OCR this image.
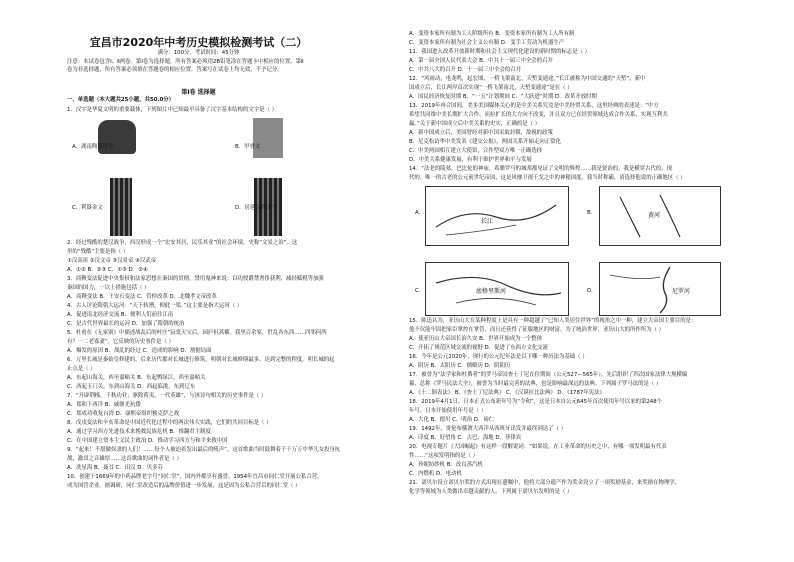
宜昌市2020年中考历史模拟检测考试（二）
满分：100分，考试时间：45分钟
注意：本试卷包含Ⅰ、Ⅱ两卷。第Ⅰ卷为选择题，所有答案必须用2B铅笔涂在答题卡中相应的位置。第Ⅱ
卷为非选择题，所有答案必须填在答题卷的相应位置。答案写在试卷上均无效，不予记分。
第Ⅰ卷 选择题
一、单选题（本大题共25小题，共50.0分）
1．汉字是华夏文明的重要载体，下列图片中已知最早具备了汉字基本结构的文字是（ ）
A．湖南陶器符号	B．甲骨文
C．利簋金文	D．居延汉简文字
2．经过残酷的楚汉战争，西汉形成一个“宏安其居，民乐其业”的社会环境，史称“文景之治”。这
里的“残酷”主要是指（ ）
①汉高祖 ②汉文帝 ③汉景帝 ④汉武帝
A．①② B．②③ C．①③ D．②④
3．商鞅变法促进中央集权和法家思想在秦国的贯彻，禁用鬼神来说：以功授爵禁奢侈获利，减轻赋税等加强
秦国的国力，一以上措施包括（ ）
A．商鞅变法 B．王安石变法 C．管仲改革 D．北魏孝文帝改革
4．古人评论隋朝大运河：“天下转漕，仰此一渠。”这主要是指大运河（ ）
A．促进南北经济交流 B．便利人们前往江南
C．是古代世界最长的运河 D．加强了隋朝的统治
5．杜甫在《无家别》中描述战乱后的村庄“寂寞天宝后，园庐但蒿藜。我里百余家，世乱各东西……四邻何所
有？一二老寡妻”。它反映的历史事件是（ ）
A．爆发的原因 B．战乱的经过 C．造成的影响 D．割据局面
6．万里长城是秦始皇修建的，后来历代都对长城进行修筑，明朝对长城修缮最多，达到完整的程度。明长城的起
止点是（ ）
A．东起山海关，西至嘉峪关 B．东起鸭绿江，西至嘉峪关
C．西起玉门关，东到山海关 D．西起临洮，东到辽东
7．“开辟荆榛，千秋功业；驱除荷夷，一代英雄”，与该诗句相关的历史事件是（ ）
A．郑和下西洋 B．戚继光抗倭
C．郑成功收复台湾 D．康熙帝组织雅克萨之战
8．戊戌变法和辛亥革命是中国近代化过程中的两次伟大实践，它们的共同目标是（ ）
A．通过学习西方先进技术来挽救民族危机 B．推翻君主制度
C．在中国建立资本主义民主政治 D．推动学习西方与和平来救中国
9．“起来！不愿做奴隶的人们！……每个人被迫着发出最后的吼声”，这首歌曲当时鼓舞着千千万万中华儿女投身抗
战，激昂之音雄厚……这首歌曲的词作者是（ ）
A．冼星海 B．聂耳 C．田汉 D．贝多芬
10．创建于1669年的中药品牌老字号“同仁堂”，国内外都享有盛誉。1954年宜昌市同仁堂开展公私合营，
成为国营企业。据调研，同仁堂改造后的品牌价值进一步发展，这是因为公私合营后的同仁堂（ ）
A．变资本家所有制为工人阶级所有 B．变资本家所有制为工人所有制
C．变资本家所有制为社会主义公有制 D．变手工劳动为机器生产
11．我国进入改革开放新时期和社会主义现代化建设的新时期的标志是（ ）
A．第一届全国人民代表大会 B．中共十一届三中全会的召开
C．中共八大的召开 D．十一届三中全会的召开
12．“风雨动，电龙鸣，起宏图，一桥飞架南北，天堑变通途。”长江被称为中国交通的“天堑”。新中
国成立后，长江两岸首次实现“一桥飞架南北，天堑变通途”是在（ ）
A．国民经济恢复时期 B．“一五”计划期间 C．“大跃进”时期 D．改革开放时期
13．2019年再合国间，美多美国媒体关心的是中美关系究竟是中美经贸关系，这里经典的表述是：“中方
希望共同维中美长期扩大合作，而拉扩长的大方向不改变，并且双方已在经贸领域达成合作关系，实现互利共
赢。”关于新中国成立后中美关系的史实，正确的是（ ）
A．新中国成立后，美国曾经对新中国采取封锁、敌视的政策
B．尼克松访华中美发表《建交公报》，两国关系开始走向正常化
C．中美两国相互建立大使馆，合作型双方唯一正确选择
D．中美关系健康发展，有利于维护世界和平与发展
14．“法老的陵墓，巴比伦的神庙，希腊罗马的城邦都见证了文明的辉煌……我是贤治的，我是横穿古代的、现
代的、唯一的古老的公元前世纪帝国，这是风靡卫视干戈之中的神秘国度。我当时称霸，请选择他说的正确地区（ ）
A.
长江
B.	黄河
C.	底格里斯河	D.	尼罗河
15．陈迅认为，亚历山大在某种程度上是具有一种超越了“已知人类居住世界”的视角之中一种，建立大帝国主要目的是：
他不仅能牢固把家臣掌控在掌管，而且还获得了征服地区的财富。为了统治世界，亚历山大的所作所为（ ）
A．使亚历山大帝国长治久安 B．世界开始成为一个整体
C．开拓了规范区域交流的视野 D．促进了东西方文化交流
16．今年是公元2020年，现行的公元纪年法是以下哪一种历法为基础（ ）
A．阴历 B．太阳历 C．儒略历 D．阴阳历
17．被誉为“法学家和杜撰者”的罗马帝国查士丁尼在位期间（公元527—565年），先后组织了四次国家法律大规模编
纂，总称《罗马民法大全》，被誉为当时最完善的法典，也是影响最深远的法典。下列属于罗马法的是（ ）
A．《十二铜表法》 B．《查士丁尼法典》 C．《汉谟拉比法典》 D．《1787年宪法》
18．2019年4月1日，日本正式公布新年号为“令和”，这是日本自公元645年首次使用年号以来的第248个
年号。日本开始使用年号是（ ）
A．大化 B．德川 C．明治 D．裕仁
19．1492年，哥伦布横渡大西洋从西班牙出发并最终到达了（ ）
A．印度 B．好望角 C．古巴、海地 D．菲律宾
20．电视专题片《大国崛起》有这样一段解说词：“如果说，在工业革命的历史之中，有哪一项发明最有代表
性……”这项发明指的是（ ）
A．珍妮纺纱机 B．改良蒸汽机
C．内燃机 D．电动机
21．诺贝尔设立诺贝尔奖的方式出现在遗嘱中，他将大部分遗产作为奖金设立了一项奖励基金，来奖励在物理学、
化学等领域为人类做出卓越贡献的人。下列属于诺贝尔发明的是（ ）
